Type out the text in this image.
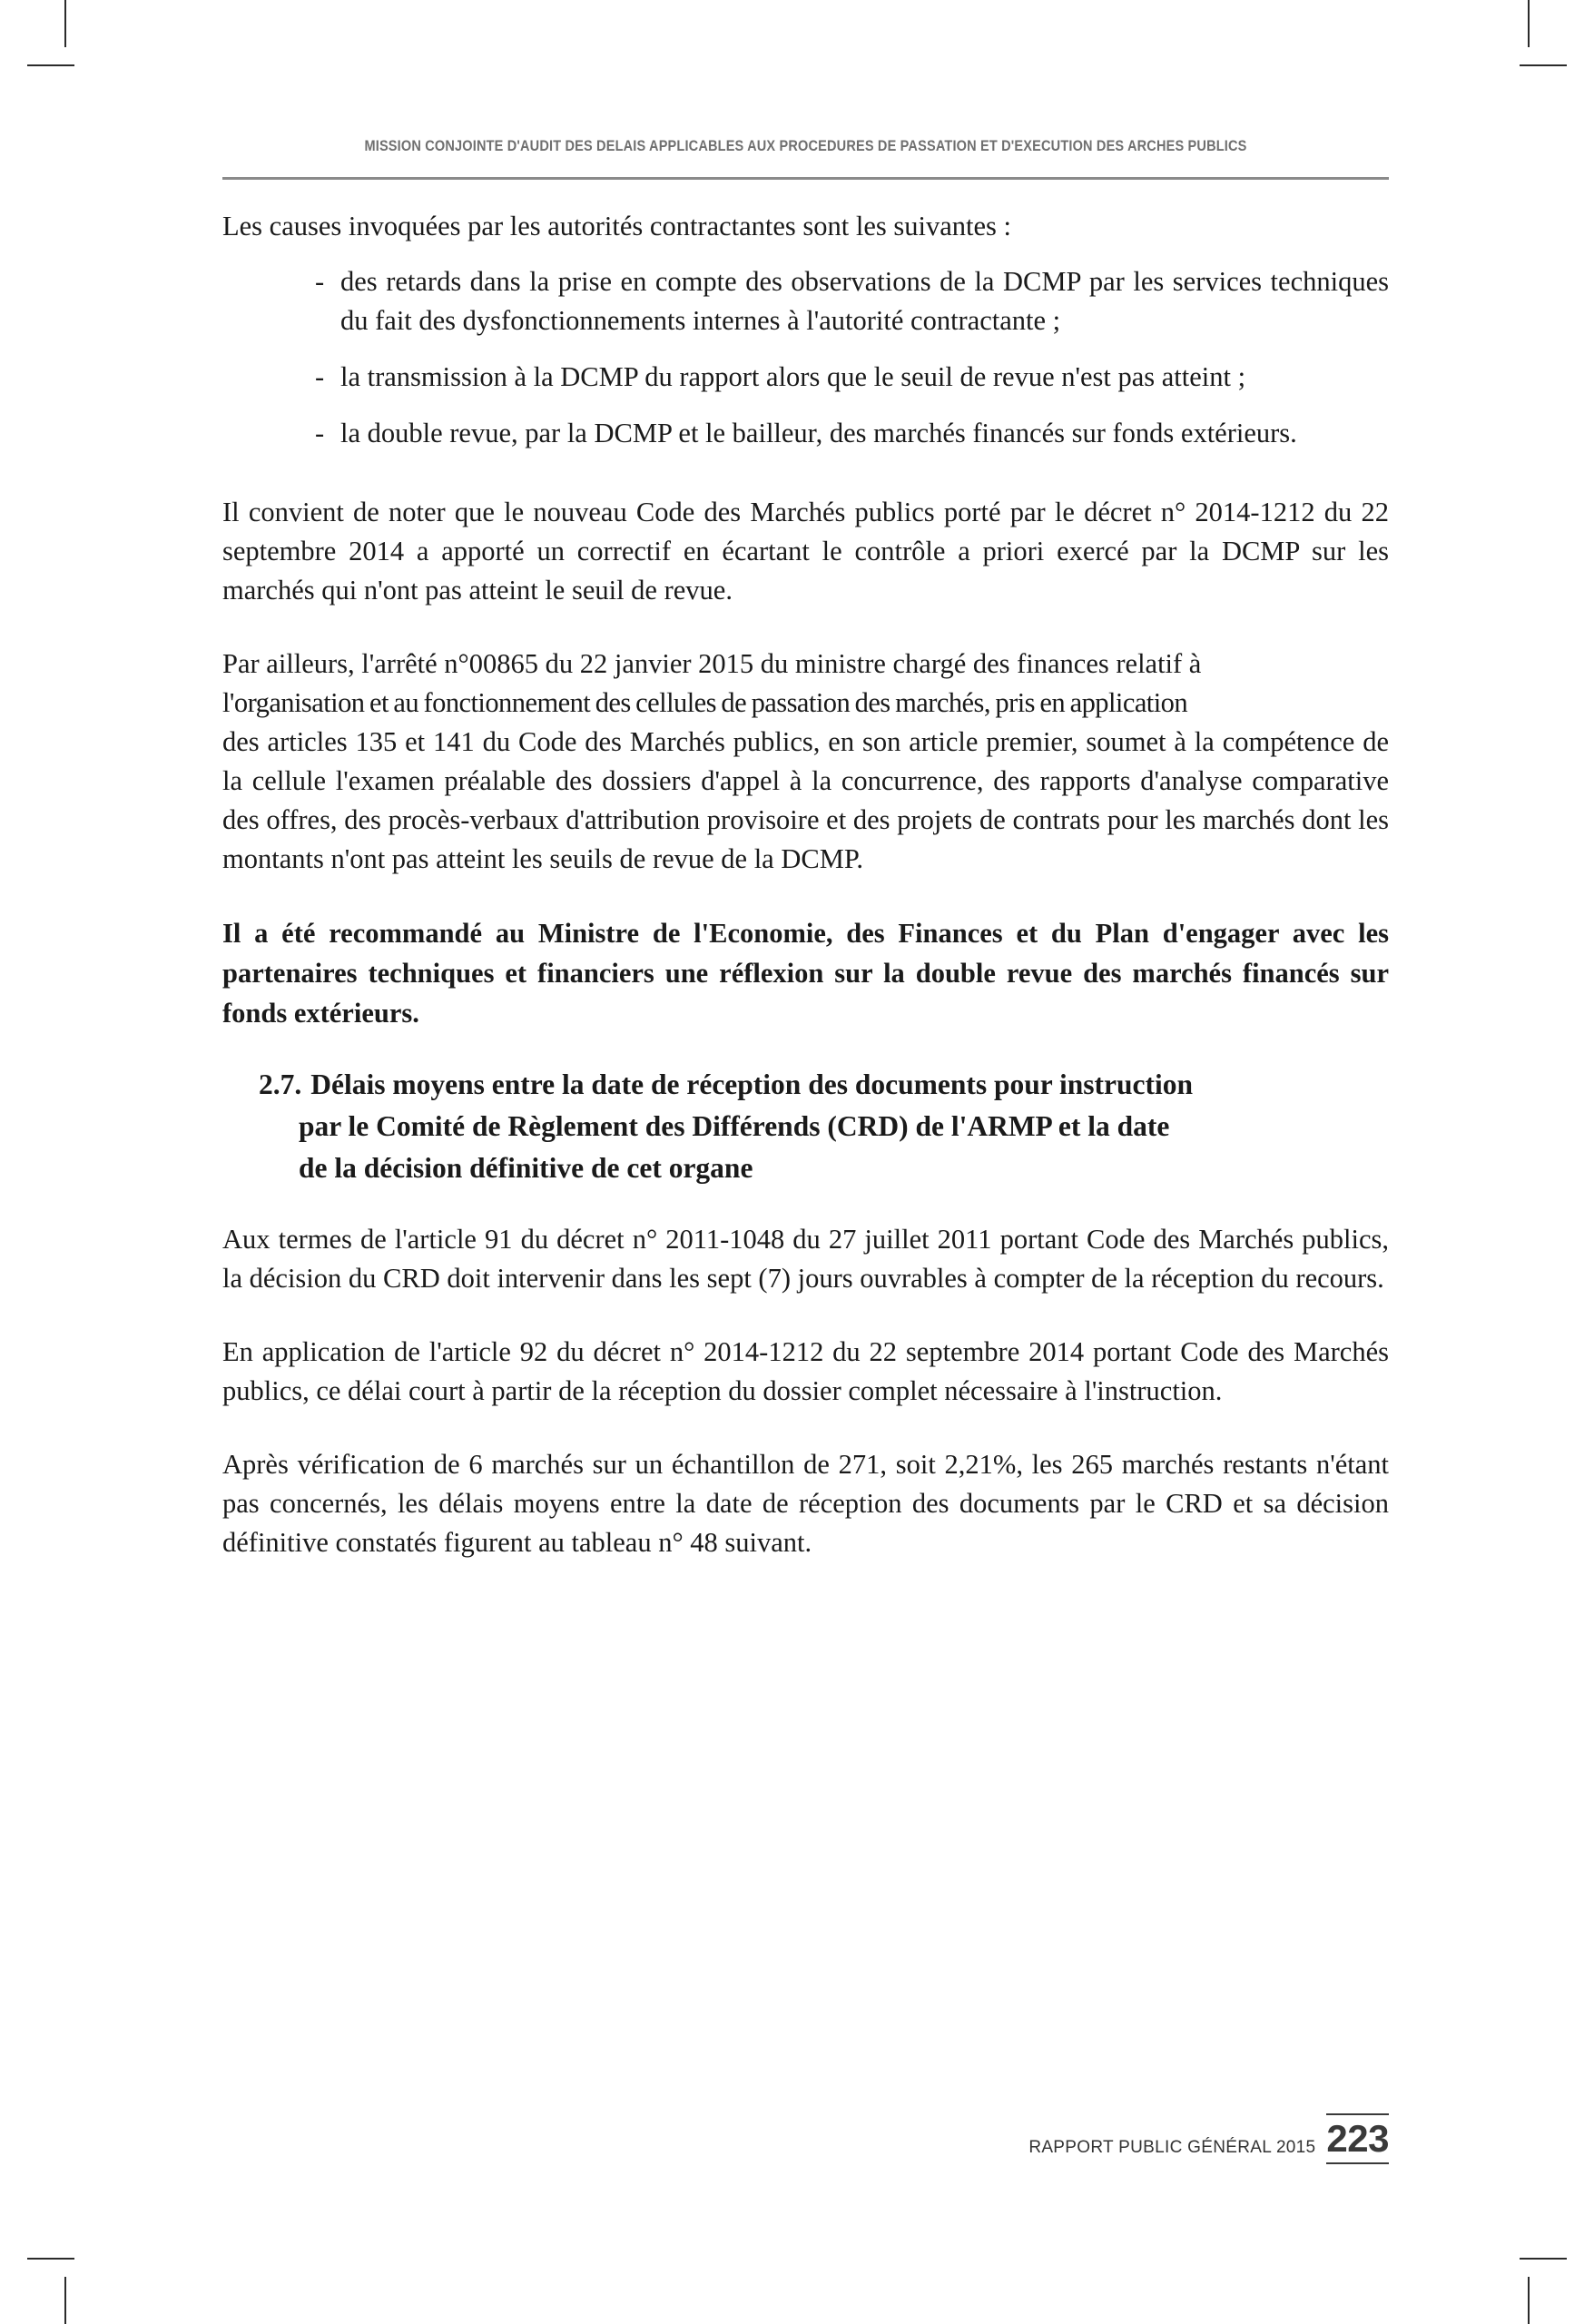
MISSION CONJOINTE D'AUDIT DES DELAIS APPLICABLES AUX PROCEDURES DE PASSATION ET D'EXECUTION DES ARCHES PUBLICS

Les causes invoquées par les autorités contractantes sont les suivantes :

- des retards dans la prise en compte des observations de la DCMP par les services techniques du fait des dysfonctionnements internes à l'autorité contractante ;
- la transmission à la DCMP du rapport alors que le seuil de revue n'est pas atteint ;
- la double revue, par la DCMP et le bailleur, des marchés financés sur fonds extérieurs.

Il convient de noter que le nouveau Code des Marchés publics porté par le décret n° 2014-1212 du 22 septembre 2014 a apporté un correctif en écartant le contrôle a priori exercé par la DCMP sur les marchés qui n'ont pas atteint le seuil de revue.

Par ailleurs, l'arrêté n°00865 du 22 janvier 2015 du ministre chargé des finances relatif à

l'organisation et au fonctionnement des cellules de passation des marchés, pris en application

des articles 135 et 141 du Code des Marchés publics, en son article premier, soumet à la compétence de la cellule l'examen préalable des dossiers d'appel à la concurrence, des rapports d'analyse comparative des offres, des procès-verbaux d'attribution provisoire et des projets de contrats pour les marchés dont les montants n'ont pas atteint les seuils de revue de la DCMP.

Il a été recommandé au Ministre de l'Economie, des Finances et du Plan d'engager avec les partenaires techniques et financiers une réflexion sur la double revue des marchés financés sur fonds extérieurs.

2.7. Délais moyens entre la date de réception des documents pour instruction
par le Comité de Règlement des Différends (CRD) de l'ARMP et la date
de la décision définitive de cet organe

Aux termes de l'article 91 du décret n° 2011-1048 du 27 juillet 2011 portant Code des Marchés publics, la décision du CRD doit intervenir dans les sept (7) jours ouvrables à compter de la réception du recours.

En application de l'article 92 du décret n° 2014-1212 du 22 septembre 2014 portant Code des Marchés publics, ce délai court à partir de la réception du dossier complet nécessaire à l'instruction.

Après vérification de 6 marchés sur un échantillon de 271, soit 2,21%, les 265 marchés restants n'étant pas concernés, les délais moyens entre la date de réception des documents par le CRD et sa décision définitive constatés figurent au tableau n° 48 suivant.

RAPPORT PUBLIC GÉNÉRAL 2015 223
